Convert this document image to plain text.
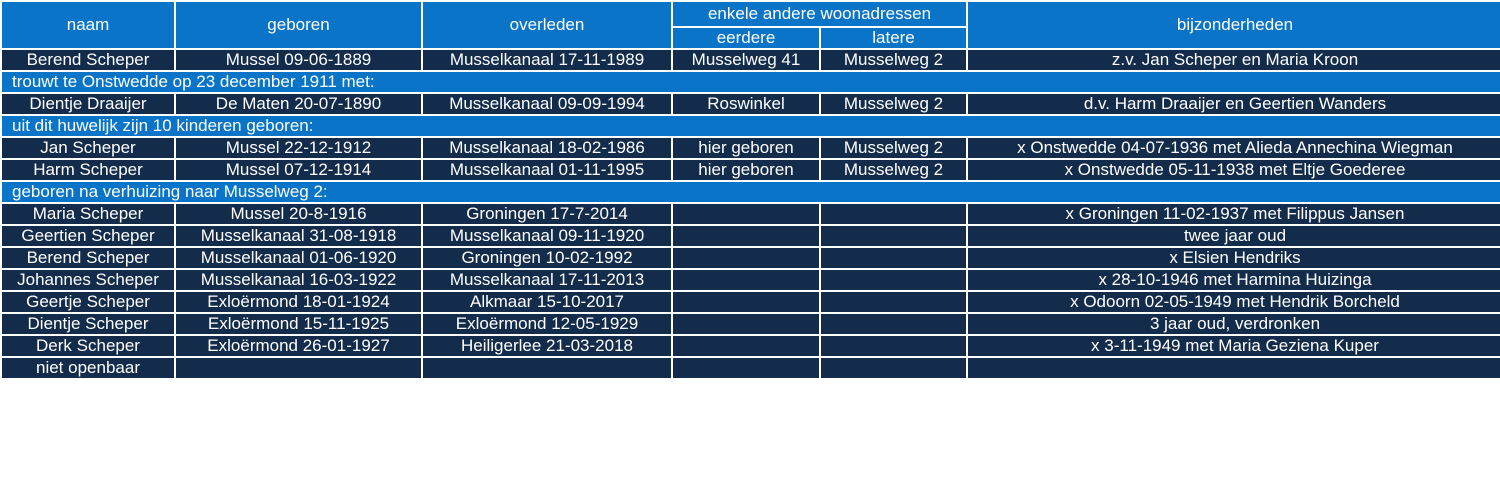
naam	geboren	overleden	enkele andere woonadressen		bijzonderheden
			eerdere	latere	
Berend Scheper	Mussel 09-06-1889	Musselkanaal 17-11-1989	Musselweg 41	Musselweg 2	z.v. Jan Scheper en Maria Kroon
trouwt te Onstwedde op 23 december 1911 met:					
Dientje Draaijer	De Maten 20-07-1890	Musselkanaal 09-09-1994	Roswinkel	Musselweg 2	d.v. Harm Draaijer en Geertien Wanders
uit dit huwelijk zijn 10 kinderen geboren:					
Jan Scheper	Mussel 22-12-1912	Musselkanaal 18-02-1986	hier geboren	Musselweg 2	x Onstwedde 04-07-1936 met Alieda Annechina Wiegman
Harm Scheper	Mussel 07-12-1914	Musselkanaal 01-11-1995	hier geboren	Musselweg 2	x Onstwedde 05-11-1938 met Eltje Goederee
geboren na verhuizing naar Musselweg 2:					
Maria Scheper	Mussel 20-8-1916	Groningen 17-7-2014			x Groningen 11-02-1937 met Filippus Jansen
Geertien Scheper	Musselkanaal 31-08-1918	Musselkanaal 09-11-1920			twee jaar oud
Berend Scheper	Musselkanaal 01-06-1920	Groningen 10-02-1992			x Elsien Hendriks
Johannes Scheper	Musselkanaal 16-03-1922	Musselkanaal 17-11-2013			x 28-10-1946 met Harmina Huizinga
Geertje Scheper	Exloërmond 18-01-1924	Alkmaar 15-10-2017			x Odoorn 02-05-1949 met Hendrik Borcheld
Dientje Scheper	Exloërmond 15-11-1925	Exloërmond 12-05-1929			3 jaar oud, verdronken
Derk Scheper	Exloërmond 26-01-1927	Heiligerlee 21-03-2018			x 3-11-1949 met Maria Geziena Kuper
niet openbaar					
